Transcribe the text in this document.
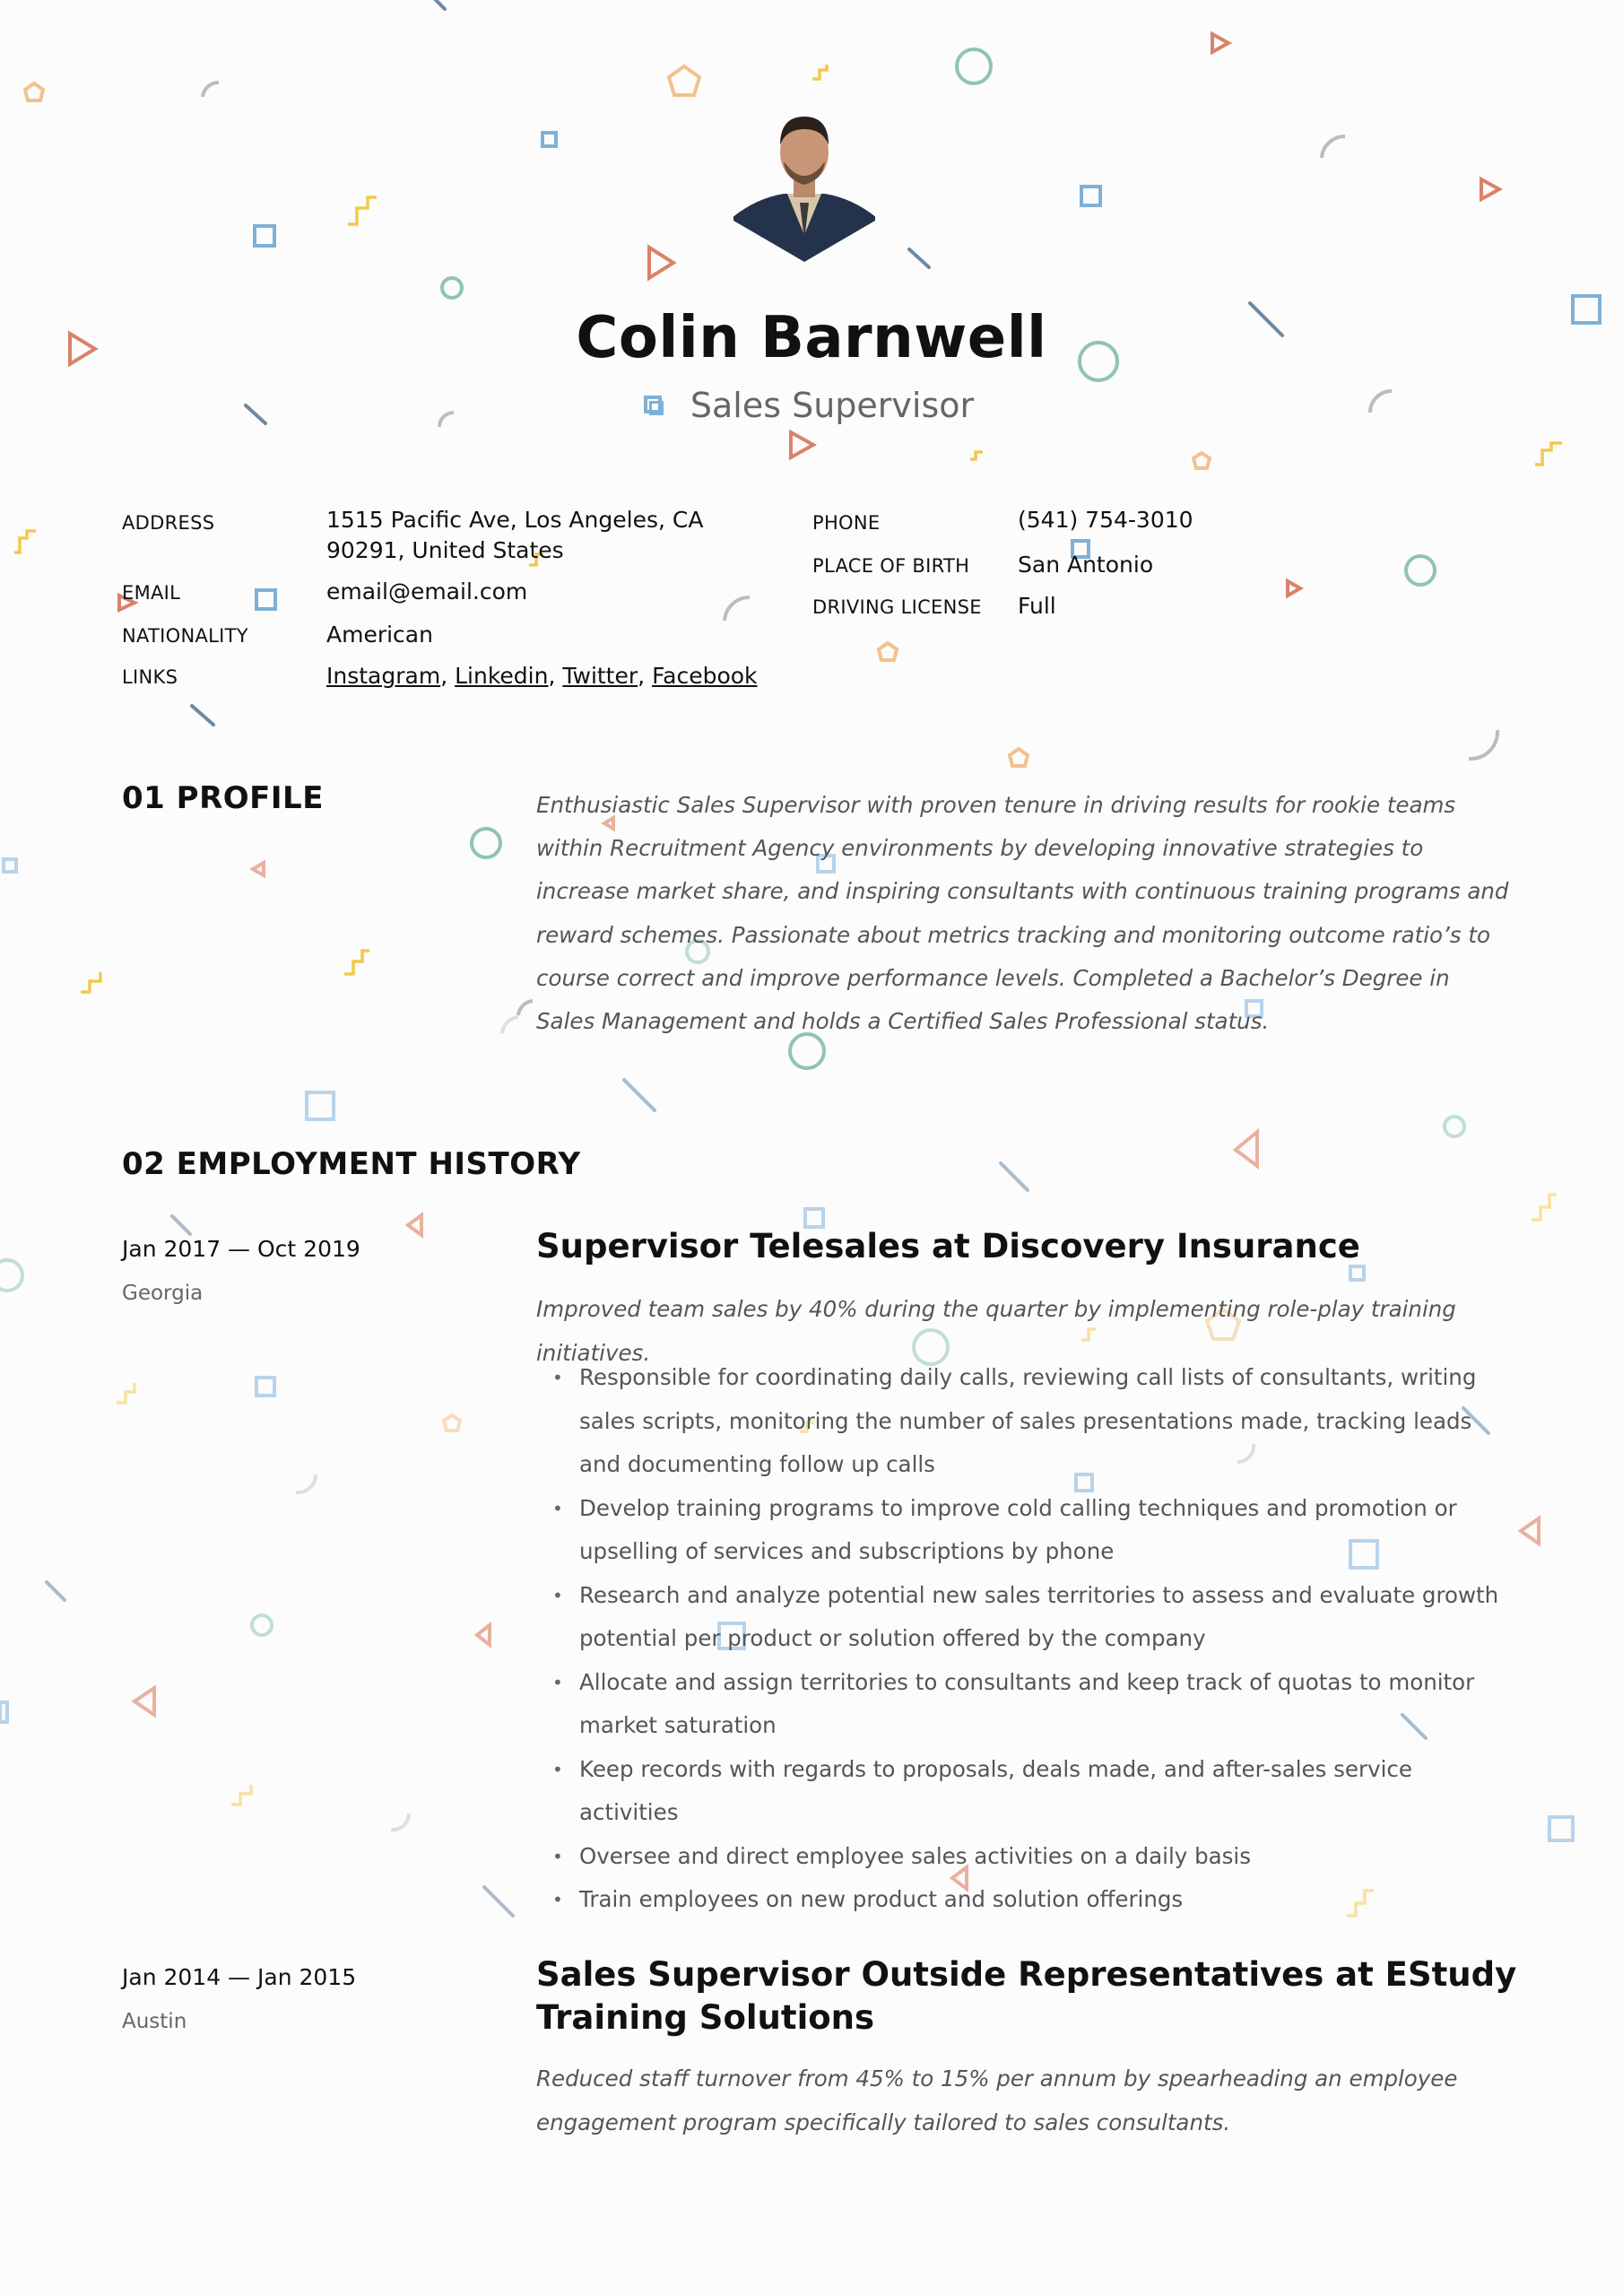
Colin Barnwell
Sales Supervisor
ADDRESS	1515 Pacific Ave, Los Angeles, CA
90291, United States
EMAIL	email@email.com
NATIONALITY	American
LINKS	Instagram, Linkedin, Twitter, Facebook
PHONE	(541) 754-3010
PLACE OF BIRTH San Antonio
DRIVING LICENSE Full
01 PROFILE	Enthusiastic Sales Supervisor with proven tenure in driving results for rookie teams within Recruitment Agency environments by developing innovative strategies to increase market share, and inspiring consultants with continuous training programs and reward schemes. Passionate about metrics tracking and monitoring outcome ratio’s to course correct and improve performance levels. Completed a Bachelor’s Degree in Sales Management and holds a Certified Sales Professional status.
02 EMPLOYMENT HISTORY
Jan 2017 — Oct 2019
Georgia
Supervisor Telesales at Discovery Insurance
Improved team sales by 40% during the quarter by implementing role-play training initiatives.
• Responsible for coordinating daily calls, reviewing call lists of consultants, writing sales scripts, monitoring the number of sales presentations made, tracking leads and documenting follow up calls
• Develop training programs to improve cold calling techniques and promotion or upselling of services and subscriptions by phone
• Research and analyze potential new sales territories to assess and evaluate growth potential per product or solution offered by the company
• Allocate and assign territories to consultants and keep track of quotas to monitor market saturation
• Keep records with regards to proposals, deals made, and after-sales service activities
• Oversee and direct employee sales activities on a daily basis
• Train employees on new product and solution offerings
Jan 2014 — Jan 2015
Austin
Sales Supervisor Outside Representatives at EStudy Training Solutions
Reduced staff turnover from 45% to 15% per annum by spearheading an employee engagement program specifically tailored to sales consultants.
